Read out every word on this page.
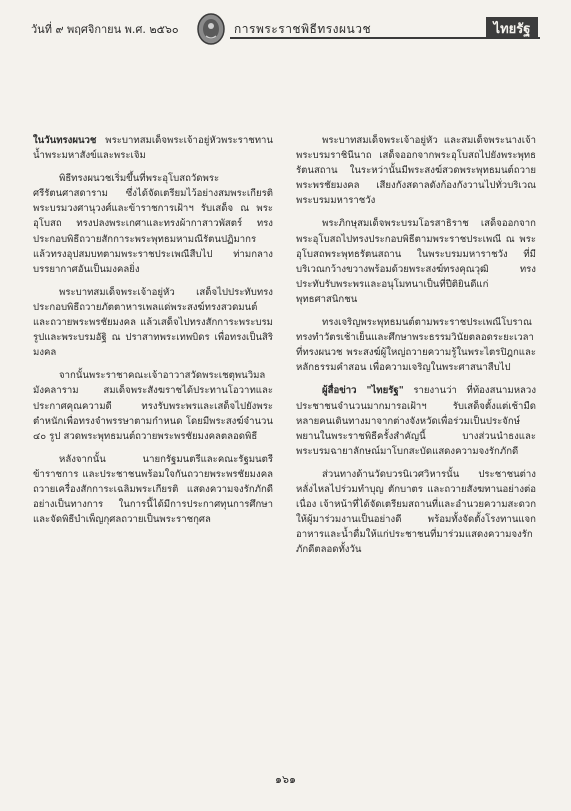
วันที่ ๙ พฤศจิกายน พ.ศ. ๒๕๖๐	การพระราชพิธีทรงผนวช	ไทยรัฐ

ในวันทรงผนวช พระบาทสมเด็จพระเจ้าอยู่หัวพระราชทานน้ำพระมหาสังข์และพระเจิม

พิธีทรงผนวชเริ่มขึ้นที่พระอุโบสถวัดพระศรีรัตนศาสดาราม ซึ่งได้จัดเตรียมไว้อย่างสมพระเกียรติ พระบรมวงศานุวงศ์และข้าราชการเฝ้าฯ รับเสด็จ ณ พระอุโบสถ ทรงปลงพระเกศาและทรงผ้ากาสาวพัสตร์ ทรงประกอบพิธีถวายสักการะพระพุทธมหามณีรัตนปฏิมากร แล้วทรงอุปสมบทตามพระราชประเพณีสืบไป ท่ามกลางบรรยากาศอันเป็นมงคลยิ่ง

พระบาทสมเด็จพระเจ้าอยู่หัว เสด็จไปประทับทรงประกอบพิธีถวายภัตตาหารเพลแด่พระสงฆ์ทรงสวดมนต์และถวายพระพรชัยมงคล แล้วเสด็จไปทรงสักการะพระบรมรูปและพระบรมอัฐิ ณ ปราสาทพระเทพบิดร เพื่อทรงเป็นสิริมงคล

จากนั้นพระราชาคณะเจ้าอาวาสวัดพระเชตุพนวิมลมังคลาราม สมเด็จพระสังฆราชได้ประทานโอวาทและประกาศคุณความดี ทรงรับพระพรและเสด็จไปยังพระตำหนักเพื่อทรงจำพรรษาตามกำหนด โดยมีพระสงฆ์จำนวน ๔๐ รูป สวดพระพุทธมนต์ถวายพระพรชัยมงคลตลอดพิธี

หลังจากนั้น นายกรัฐมนตรีและคณะรัฐมนตรี ข้าราชการ และประชาชนพร้อมใจกันถวายพระพรชัยมงคล ถวายเครื่องสักการะเฉลิมพระเกียรติ แสดงความจงรักภักดีอย่างเป็นทางการ ในการนี้ได้มีการประกาศทุนการศึกษาและจัดพิธีบำเพ็ญกุศลถวายเป็นพระราชกุศล

พระบาทสมเด็จพระเจ้าอยู่หัว และสมเด็จพระนางเจ้าพระบรมราชินีนาถ เสด็จออกจากพระอุโบสถไปยังพระพุทธรัตนสถาน ในระหว่านั้นมีพระสงฆ์สวดพระพุทธมนต์ถวายพระพรชัยมงคล เสียงกังสดาลดังก้องกังวานไปทั่วบริเวณพระบรมมหาราชวัง

พระภิกษุสมเด็จพระบรมโอรสาธิราช เสด็จออกจากพระอุโบสถไปทรงประกอบพิธีตามพระราชประเพณี ณ พระอุโบสถพระพุทธรัตนสถาน ในพระบรมมหาราชวัง ที่มีบริเวณกว้างขวางพร้อมด้วยพระสงฆ์ทรงคุณวุฒิ ทรงประทับรับพระพรและอนุโมทนาเป็นที่ปีติยินดีแก่พุทธศาสนิกชน

ทรงเจริญพระพุทธมนต์ตามพระราชประเพณีโบราณ ทรงทำวัตรเช้าเย็นและศึกษาพระธรรมวินัยตลอดระยะเวลาที่ทรงผนวช พระสงฆ์ผู้ใหญ่ถวายความรู้ในพระไตรปิฎกและหลักธรรมคำสอน เพื่อความเจริญในพระศาสนาสืบไป

ผู้สื่อข่าว "ไทยรัฐ" รายงานว่า ที่ท้องสนามหลวงประชาชนจำนวนมากมารอเฝ้าฯ รับเสด็จตั้งแต่เช้ามืด หลายคนเดินทางมาจากต่างจังหวัดเพื่อร่วมเป็นประจักษ์พยานในพระราชพิธีครั้งสำคัญนี้ บางส่วนนำธงและพระบรมฉายาลักษณ์มาโบกสะบัดแสดงความจงรักภักดี

ส่วนทางด้านวัดบวรนิเวศวิหารนั้น ประชาชนต่างหลั่งไหลไปร่วมทำบุญ ตักบาตร และถวายสังฆทานอย่างต่อเนื่อง เจ้าหน้าที่ได้จัดเตรียมสถานที่และอำนวยความสะดวกให้ผู้มาร่วมงานเป็นอย่างดี พร้อมทั้งจัดตั้งโรงทานแจกอาหารและน้ำดื่มให้แก่ประชาชนที่มาร่วมแสดงความจงรักภักดีตลอดทั้งวัน

๑๖๑
